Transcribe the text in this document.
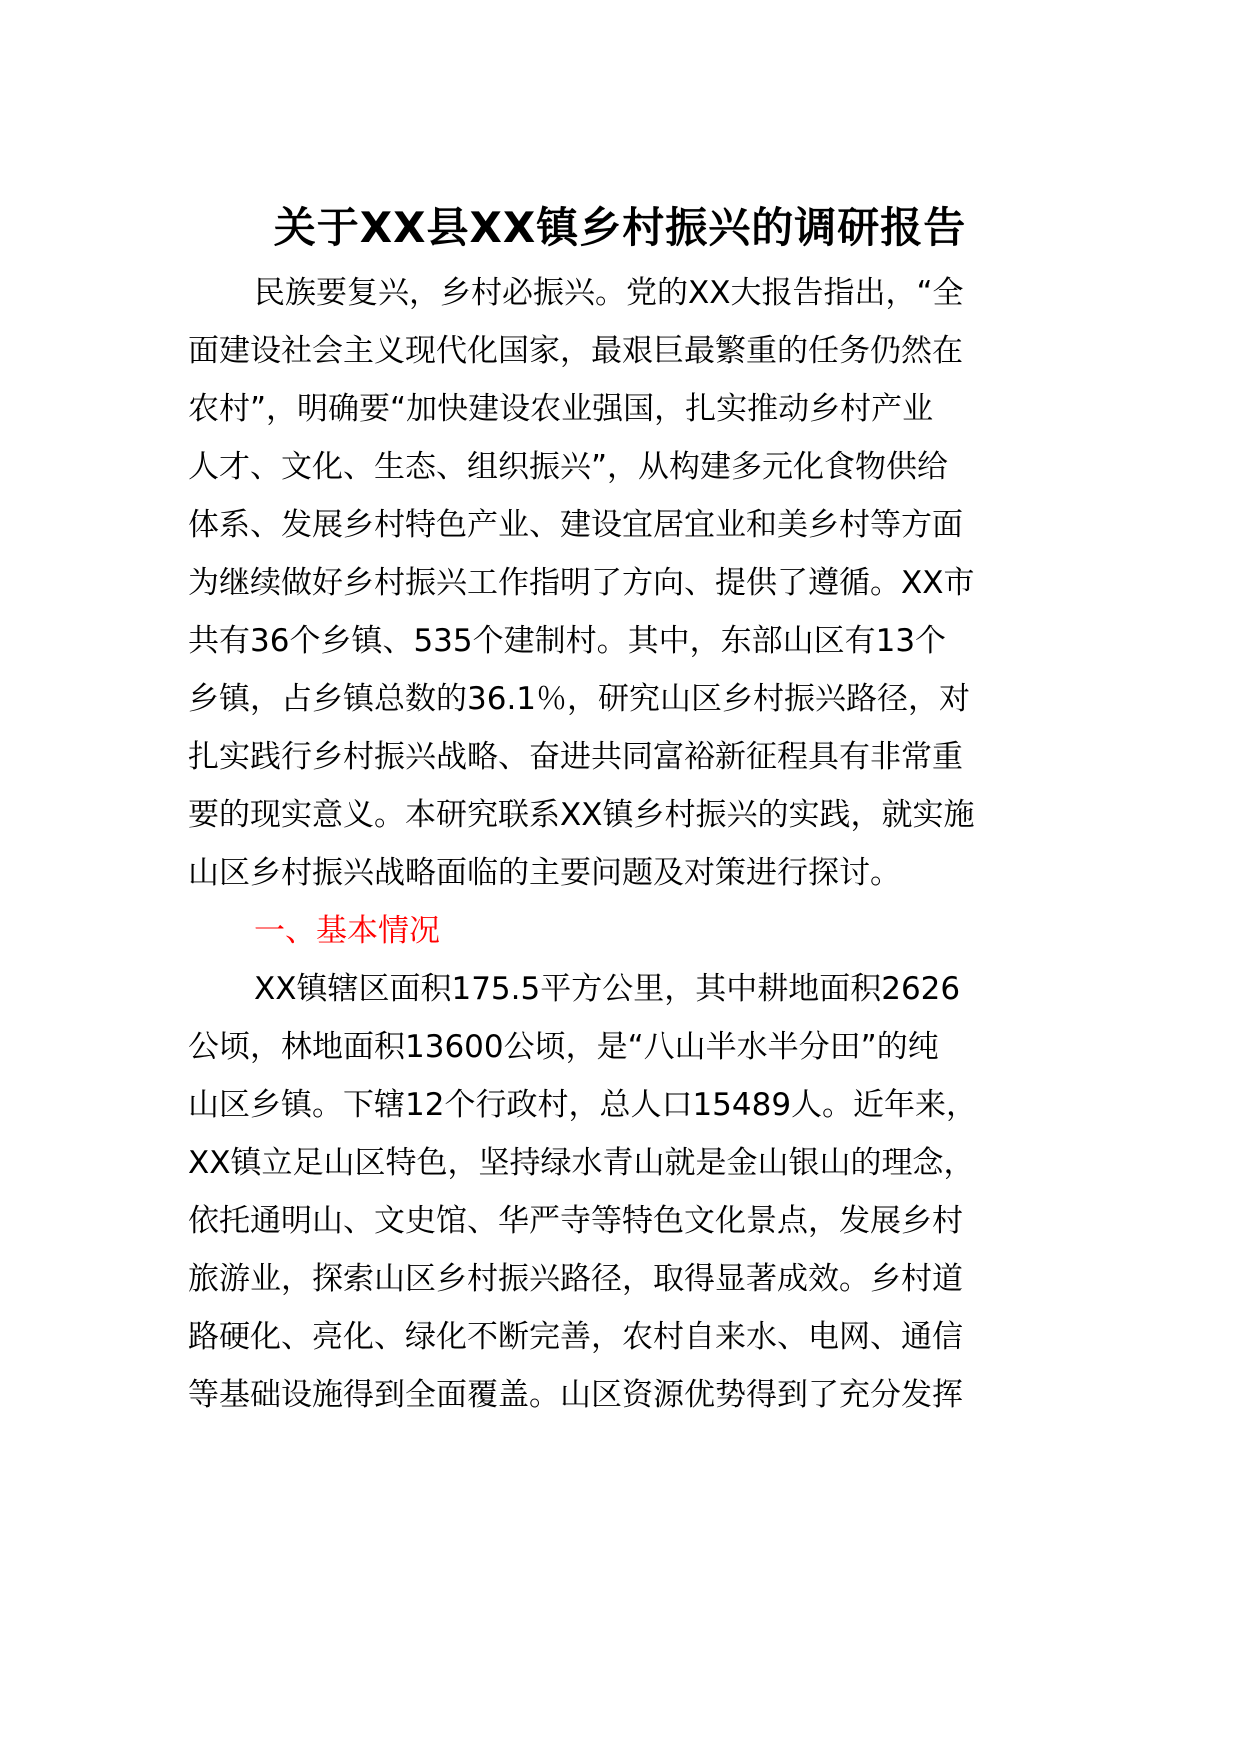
关于XX县XX镇乡村振兴的调研报告
民族要复兴，乡村必振兴。党的XX大报告指出，“全
面建设社会主义现代化国家，最艰巨最繁重的任务仍然在
农村”，明确要“加快建设农业强国，扎实推动乡村产业
人才、文化、生态、组织振兴”，从构建多元化食物供给
体系、发展乡村特色产业、建设宜居宜业和美乡村等方面
为继续做好乡村振兴工作指明了方向、提供了遵循。XX市
共有36个乡镇、535个建制村。其中，东部山区有13个
乡镇，占乡镇总数的36.1％，研究山区乡村振兴路径，对
扎实践行乡村振兴战略、奋进共同富裕新征程具有非常重
要的现实意义。本研究联系XX镇乡村振兴的实践，就实施
山区乡村振兴战略面临的主要问题及对策进行探讨。
一、基本情况
XX镇辖区面积175.5平方公里，其中耕地面积2626
公顷，林地面积13600公顷，是“八山半水半分田”的纯
山区乡镇。下辖12个行政村，总人口15489人。近年来，
XX镇立足山区特色，坚持绿水青山就是金山银山的理念，
依托通明山、文史馆、华严寺等特色文化景点，发展乡村
旅游业，探索山区乡村振兴路径，取得显著成效。乡村道
路硬化、亮化、绿化不断完善，农村自来水、电网、通信
等基础设施得到全面覆盖。山区资源优势得到了充分发挥
